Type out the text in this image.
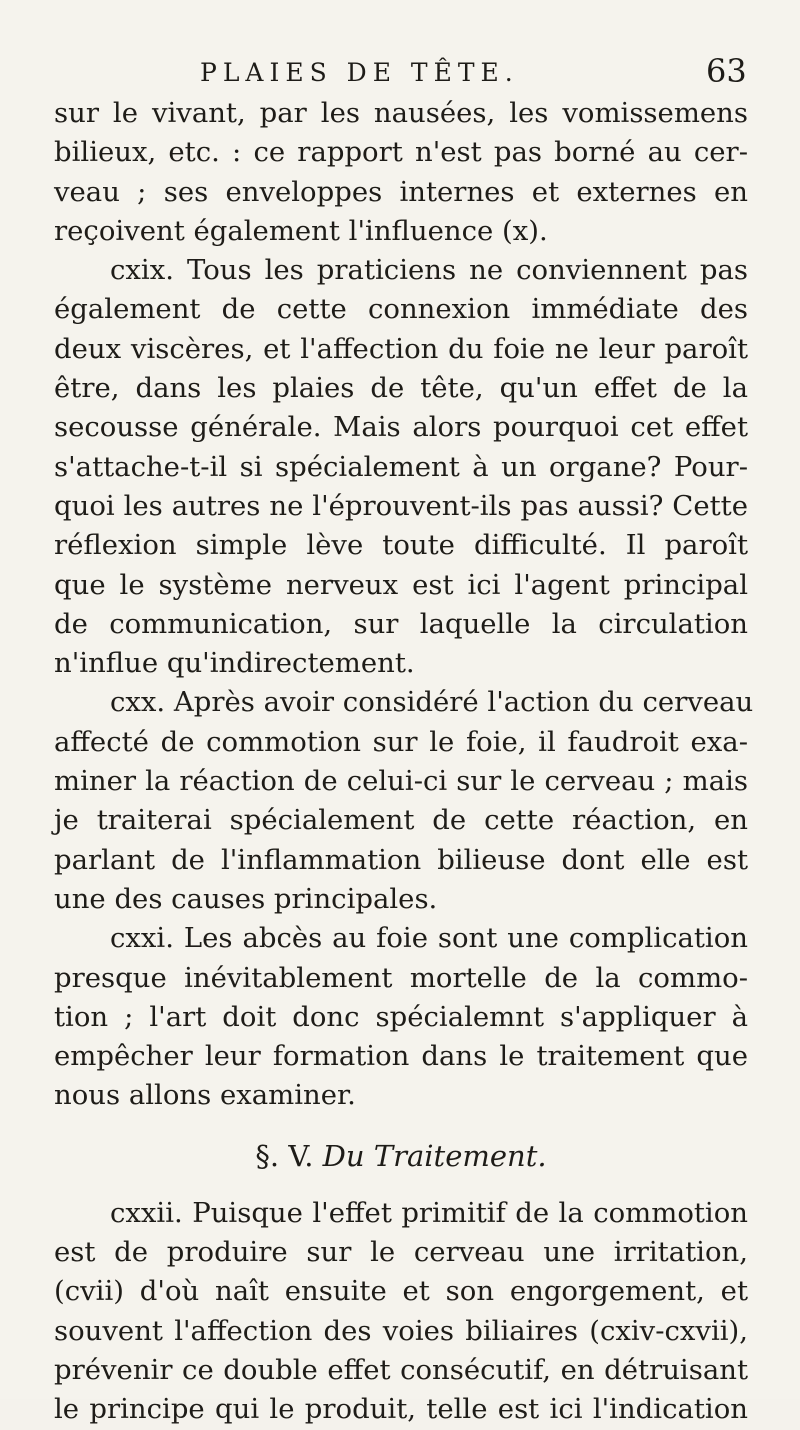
PLAIES DE TÊTE.	63
sur le vivant, par les nausées, les vomissemens
bilieux, etc. : ce rapport n'est pas borné au cer-
veau ; ses enveloppes internes et externes en
reçoivent également l'influence (x).
cxix. Tous les praticiens ne conviennent pas
également de cette connexion immédiate des
deux viscères, et l'affection du foie ne leur paroît
être, dans les plaies de tête, qu'un effet de la
secousse générale. Mais alors pourquoi cet effet
s'attache-t-il si spécialement à un organe? Pour-
quoi les autres ne l'éprouvent-ils pas aussi? Cette
réflexion simple lève toute difficulté. Il paroît
que le système nerveux est ici l'agent principal
de communication, sur laquelle la circulation
n'influe qu'indirectement.
cxx. Après avoir considéré l'action du cerveau
affecté de commotion sur le foie, il faudroit exa-
miner la réaction de celui-ci sur le cerveau ; mais
je traiterai spécialement de cette réaction, en
parlant de l'inflammation bilieuse dont elle est
une des causes principales.
cxxi. Les abcès au foie sont une complication
presque inévitablement mortelle de la commo-
tion ; l'art doit donc spécialemnt s'appliquer à
empêcher leur formation dans le traitement que
nous allons examiner.
§. V. Du Traitement.
cxxii. Puisque l'effet primitif de la commotion
est de produire sur le cerveau une irritation,
(cvii) d'où naît ensuite et son engorgement, et
souvent l'affection des voies biliaires (cxiv-cxvii),
prévenir ce double effet consécutif, en détruisant
le principe qui le produit, telle est ici l'indication
